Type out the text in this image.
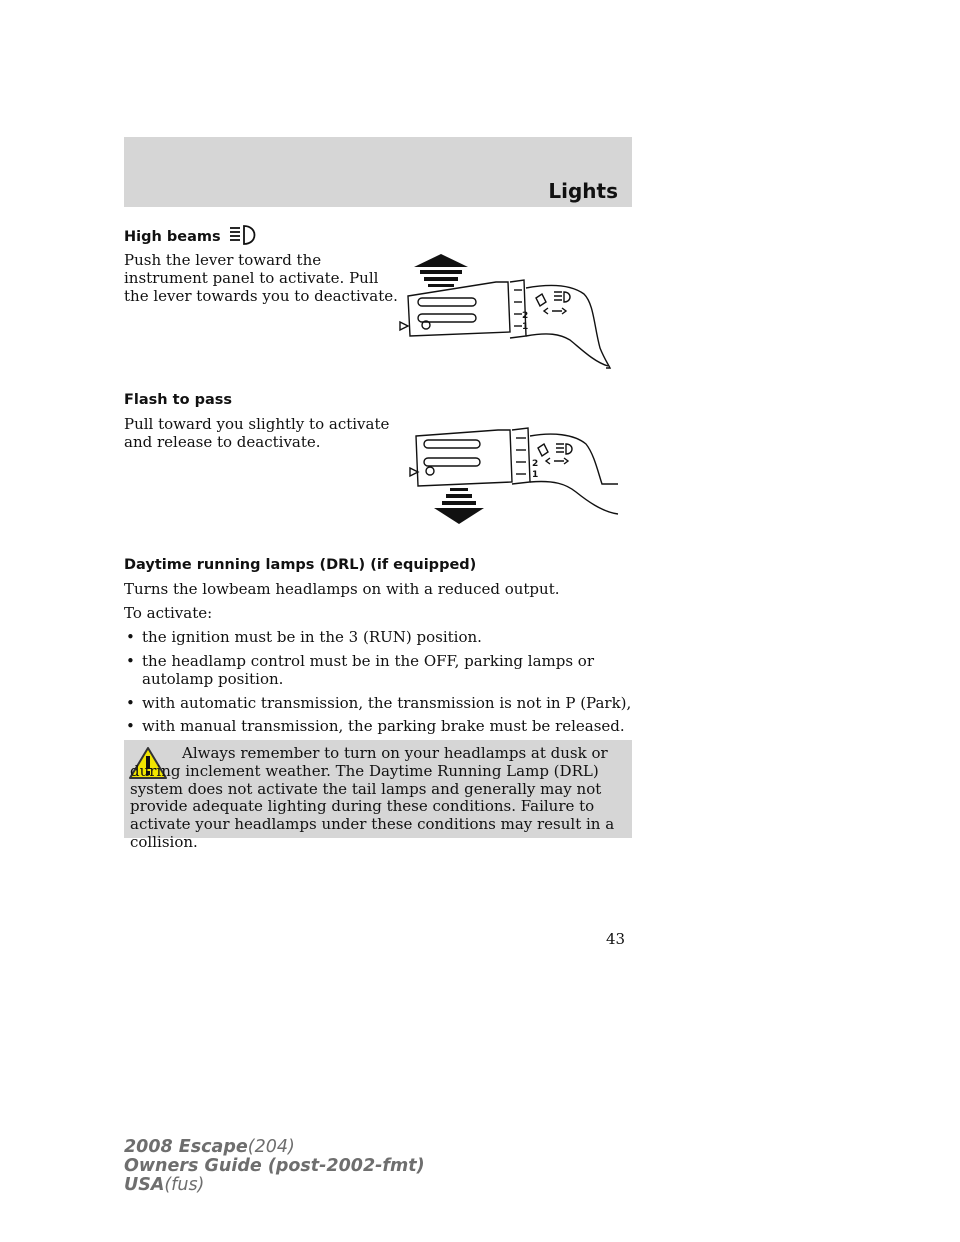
Lights
High beams
Push the lever toward the
instrument panel to activate. Pull
the lever towards you to deactivate.
2
1
Flash to pass
Pull toward you slightly to activate
and release to deactivate.
2
1
Daytime running lamps (DRL) (if equipped)
Turns the lowbeam headlamps on with a reduced output.
To activate:
• the ignition must be in the 3 (RUN) position.
• the headlamp control must be in the OFF, parking lamps or autolamp position.
• with automatic transmission, the transmission is not in P (Park),
• with manual transmission, the parking brake must be released.
Always remember to turn on your headlamps at dusk or during inclement weather. The Daytime Running Lamp (DRL) system does not activate the tail lamps and generally may not provide adequate lighting during these conditions. Failure to activate your headlamps under these conditions may result in a collision.
43
2008 Escape(204)
Owners Guide (post-2002-fmt)
USA(fus)
